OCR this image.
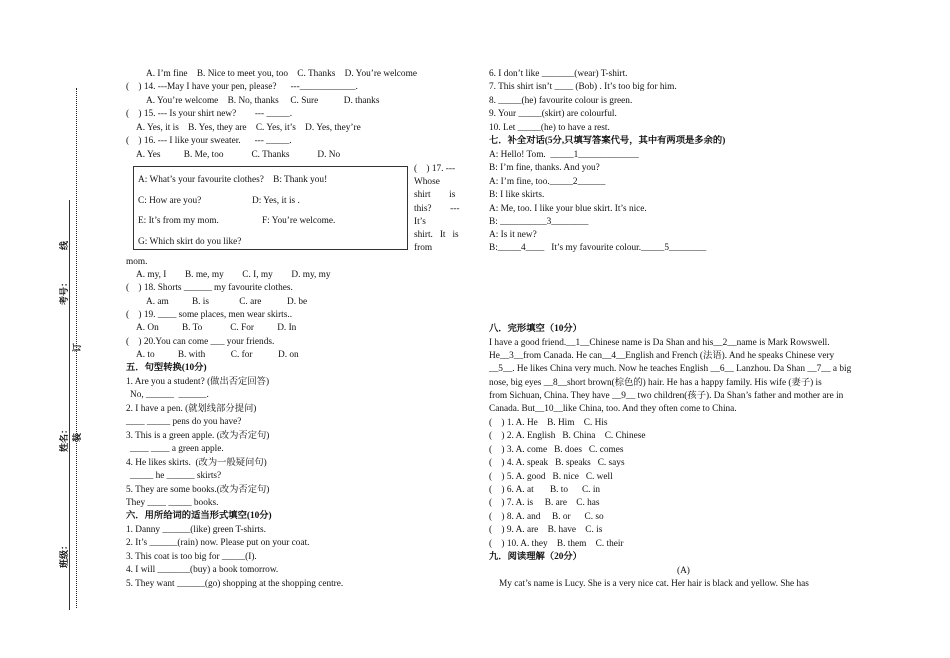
考号：
线
订
姓名： 装
班级：
A. I’m fine    B. Nice to meet you, too    C. Thanks    D. You’re welcome
(    ) 14. ---May I have your pen, please?      ---____________.
A. You’re welcome    B. No, thanks     C. Sure           D. thanks
(    ) 15. --- Is your shirt new?        --- _____.
A. Yes, it is    B. Yes, they are    C. Yes, it’s    D. Yes, they’re
(    ) 16. --- I like your sweater.      --- _____.
A. Yes          B. Me, too            C. Thanks            D. No
A: What’s your favourite clothes?    B: Thank you!
C: How are you?	D: Yes, it is .
E: It’s from my mom.	F: You’re welcome.
G: Which skirt do you like?
(    ) 17. ---
Whose
shirt        is
this?        ---
It’s
shirt.   It   is
from
mom.
A. my, I        B. me, my        C. I, my        D. my, my
(    ) 18. Shorts ______ my favourite clothes.
A. am          B. is             C. are           D. be
(    ) 19. ____ some places, men wear skirts..
A. On          B. To            C. For          D. In
(    ) 20.You can come ___ your friends.
A. to          B. with           C. for           D. on
五．句型转换(10分)
1. Are you a student? (做出否定回答)
No, ______  ______.
2. I have a pen. (就划线部分提问)
____ _____ pens do you have?
3. This is a green apple. (改为否定句)
____ ____ a green apple.
4. He likes skirts.  (改为一般疑问句)
_____ he ______ skirts?
5. They are some books.(改为否定句)
They ____ _____ books.
六．用所给词的适当形式填空(10分)
1. Danny ______(like) green T-shirts.
2. It’s ______(rain) now. Please put on your coat.
3. This coat is too big for _____(I).
4. I will _______(buy) a book tomorrow.
5. They want ______(go) shopping at the shopping centre.
6. I don’t like _______(wear) T-shirt.
7. This shirt isn’t ____ (Bob) . It’s too big for him.
8. _____(he) favourite colour is green.
9. Your _____(skirt) are colourful.
10. Let _____(he) to have a rest.
七．补全对话(5分,只填写答案代号，其中有两项是多余的)
A: Hello! Tom.  _____1_____________
B: I’m fine, thanks. And you?
A: I’m fine, too._____2______
B: I like skirts.
A: Me, too. I like your blue skirt. It’s nice.
B: __________3________
A: Is it new?
B:_____4____   It’s my favourite colour._____5________
八．完形填空（10分）
I have a good friend.__1__Chinese name is Da Shan and his__2__name is Mark Rowswell.
He__3__from Canada. He can__4__English and French (法语). And he speaks Chinese very
__5__. He likes China very much. Now he teaches English __6__ Lanzhou. Da Shan __7__ a big
nose, big eyes __8__short brown(棕色的) hair. He has a happy family. His wife (妻子) is
from Sichuan, China. They have __9__ two children(孩子). Da Shan’s father and mother are in
Canada. But__10__like China, too. And they often come to China.
(    ) 1. A. He    B. Him    C. His
(    ) 2. A. English   B. China    C. Chinese
(    ) 3. A. come   B. does   C. comes
(    ) 4. A. speak   B. speaks   C. says
(    ) 5. A. good   B. nice   C. well
(    ) 6. A. at       B. to      C. in
(    ) 7. A. is     B. are    C. has
(    ) 8. A. and     B. or      C. so
(    ) 9. A. are    B. have    C. is
(    ) 10. A. they    B. them    C. their
九．阅读理解（20分）
(A)
My cat’s name is Lucy. She is a very nice cat. Her hair is black and yellow. She has
